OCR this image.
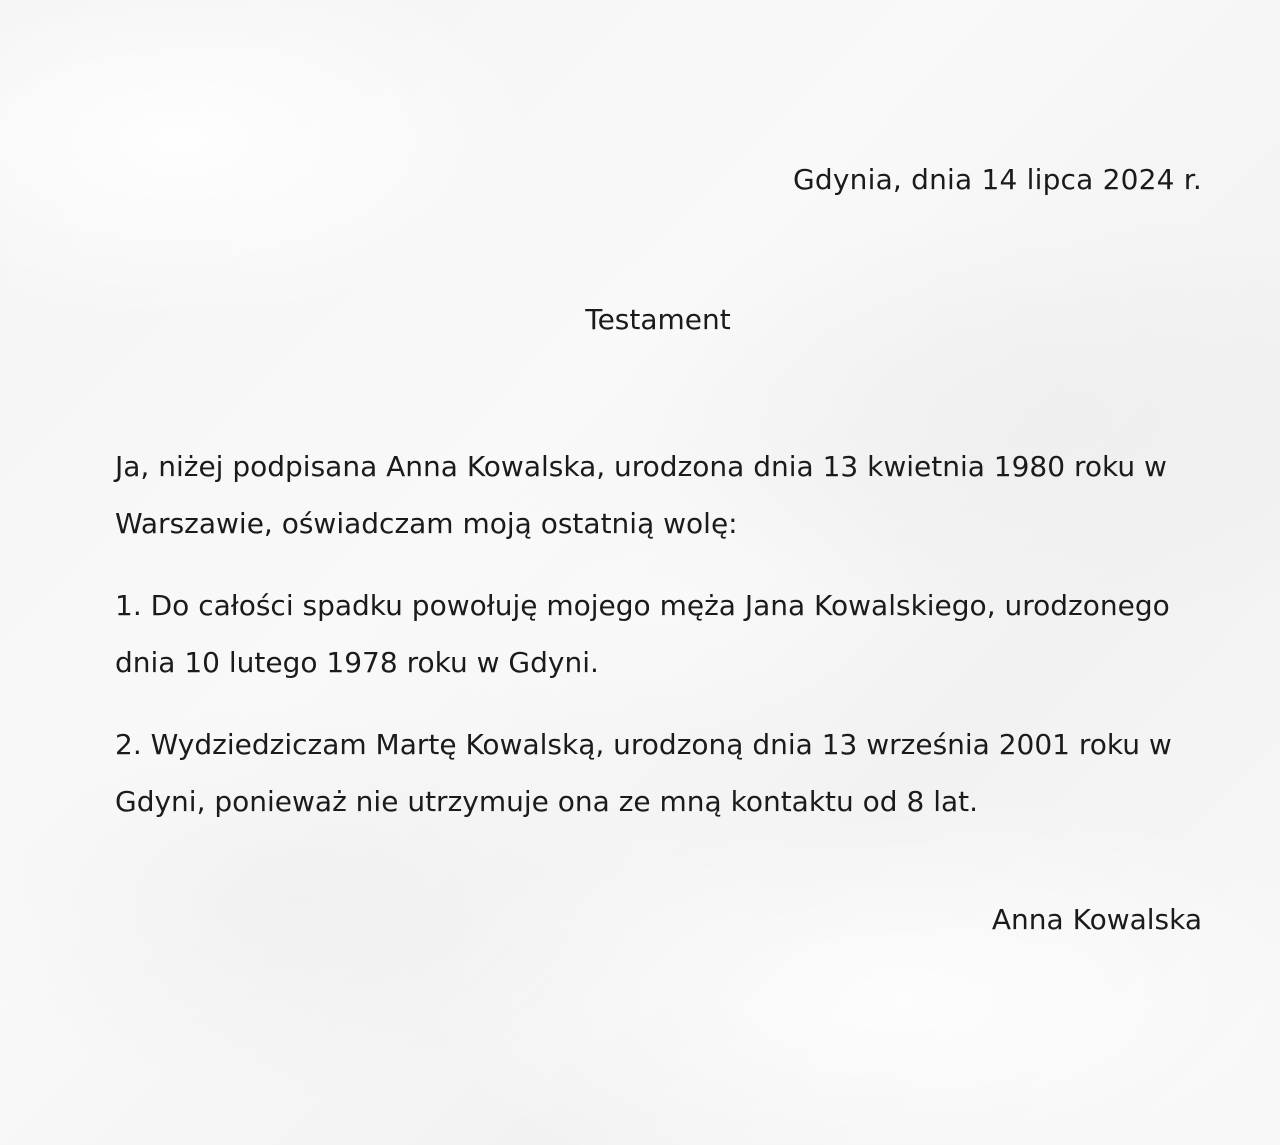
Gdynia, dnia 14 lipca 2024 r.
Testament

Ja, niżej podpisana Anna Kowalska, urodzona dnia 13 kwietnia 1980 roku w Warszawie, oświadczam moją ostatnią wolę:

1. Do całości spadku powołuję mojego męża Jana Kowalskiego, urodzonego dnia 10 lutego 1978 roku w Gdyni.

2. Wydziedziczam Martę Kowalską, urodzoną dnia 13 września 2001 roku w Gdyni, ponieważ nie utrzymuje ona ze mną kontaktu od 8 lat.

Anna Kowalska
